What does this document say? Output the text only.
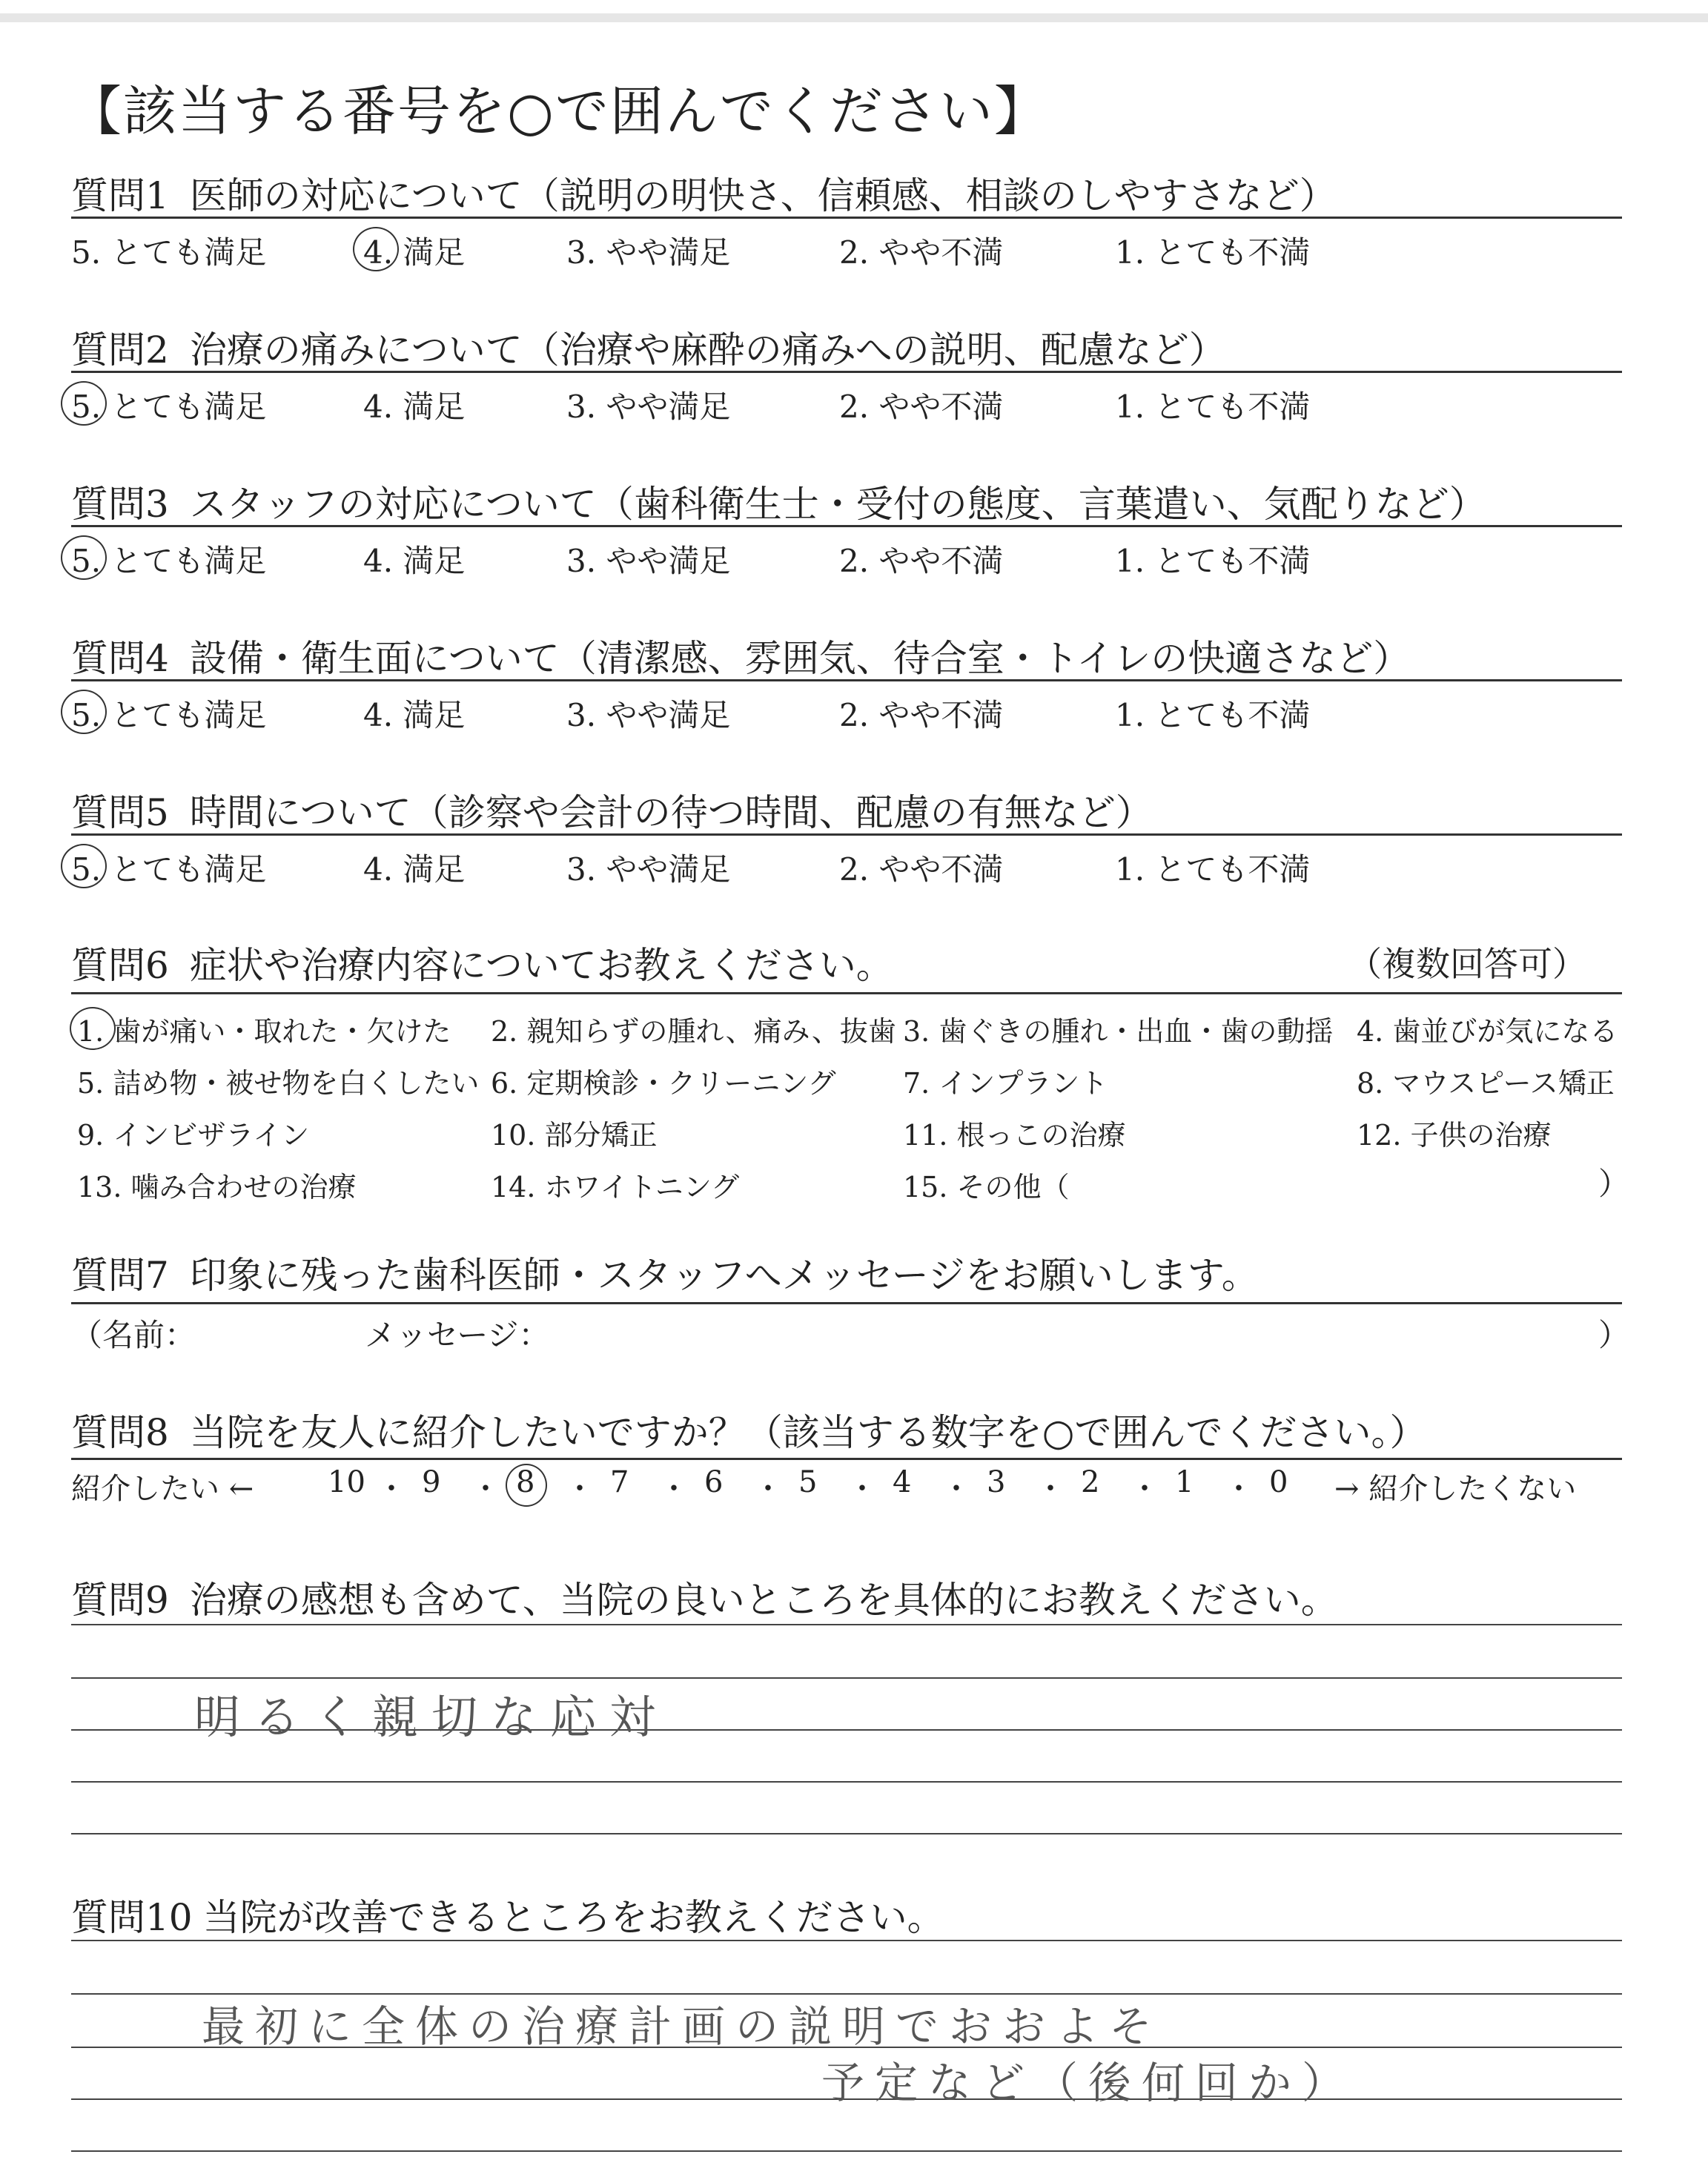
【該当する番号を○で囲んでください】
質問1 医師の対応について（説明の明快さ、信頼感、相談のしやすさなど）
5. とても満足	4. 満足	3. やや満足	2. やや不満	1. とても不満
質問2 治療の痛みについて（治療や麻酔の痛みへの説明、配慮など）
5. とても満足	4. 満足	3. やや満足	2. やや不満	1. とても不満
質問3 スタッフの対応について（歯科衛生士・受付の態度、言葉遣い、気配りなど）
5. とても満足	4. 満足	3. やや満足	2. やや不満	1. とても不満
質問4 設備・衛生面について（清潔感、雰囲気、待合室・トイレの快適さなど）
5. とても満足	4. 満足	3. やや満足	2. やや不満	1. とても不満
質問5 時間について（診察や会計の待つ時間、配慮の有無など）
5. とても満足	4. 満足	3. やや満足	2. やや不満	1. とても不満
質問6 症状や治療内容についてお教えください。	（複数回答可）
1. 歯が痛い・取れた・欠けた 2. 親知らずの腫れ、痛み、抜歯 3. 歯ぐきの腫れ・出血・歯の動揺 4. 歯並びが気になる
5. 詰め物・被せ物を白くしたい 6. 定期検診・クリーニング 7. インプラント	8. マウスピース矯正
9. インビザライン	10. 部分矯正	11. 根っこの治療	12. 子供の治療
13. 噛み合わせの治療	14. ホワイトニング	15. その他（	）
質問7 印象に残った歯科医師・スタッフへメッセージをお願いします。
（名前：	メッセージ：	）
質問8 当院を友人に紹介したいですか？（該当する数字を○で囲んでください。）
紹介したい ←	→ 紹介したくない
10 ・ 9 ・ 8 ・ 7 ・ 6 ・ 5 ・ 4 ・ 3 ・ 2 ・ 1 ・ 0
質問9 治療の感想も含めて、当院の良いところを具体的にお教えください。
明るく親切な応対
質問10 当院が改善できるところをお教えください。
最初に全体の治療計画の説明でおおよそ
予定など（後何回か）
